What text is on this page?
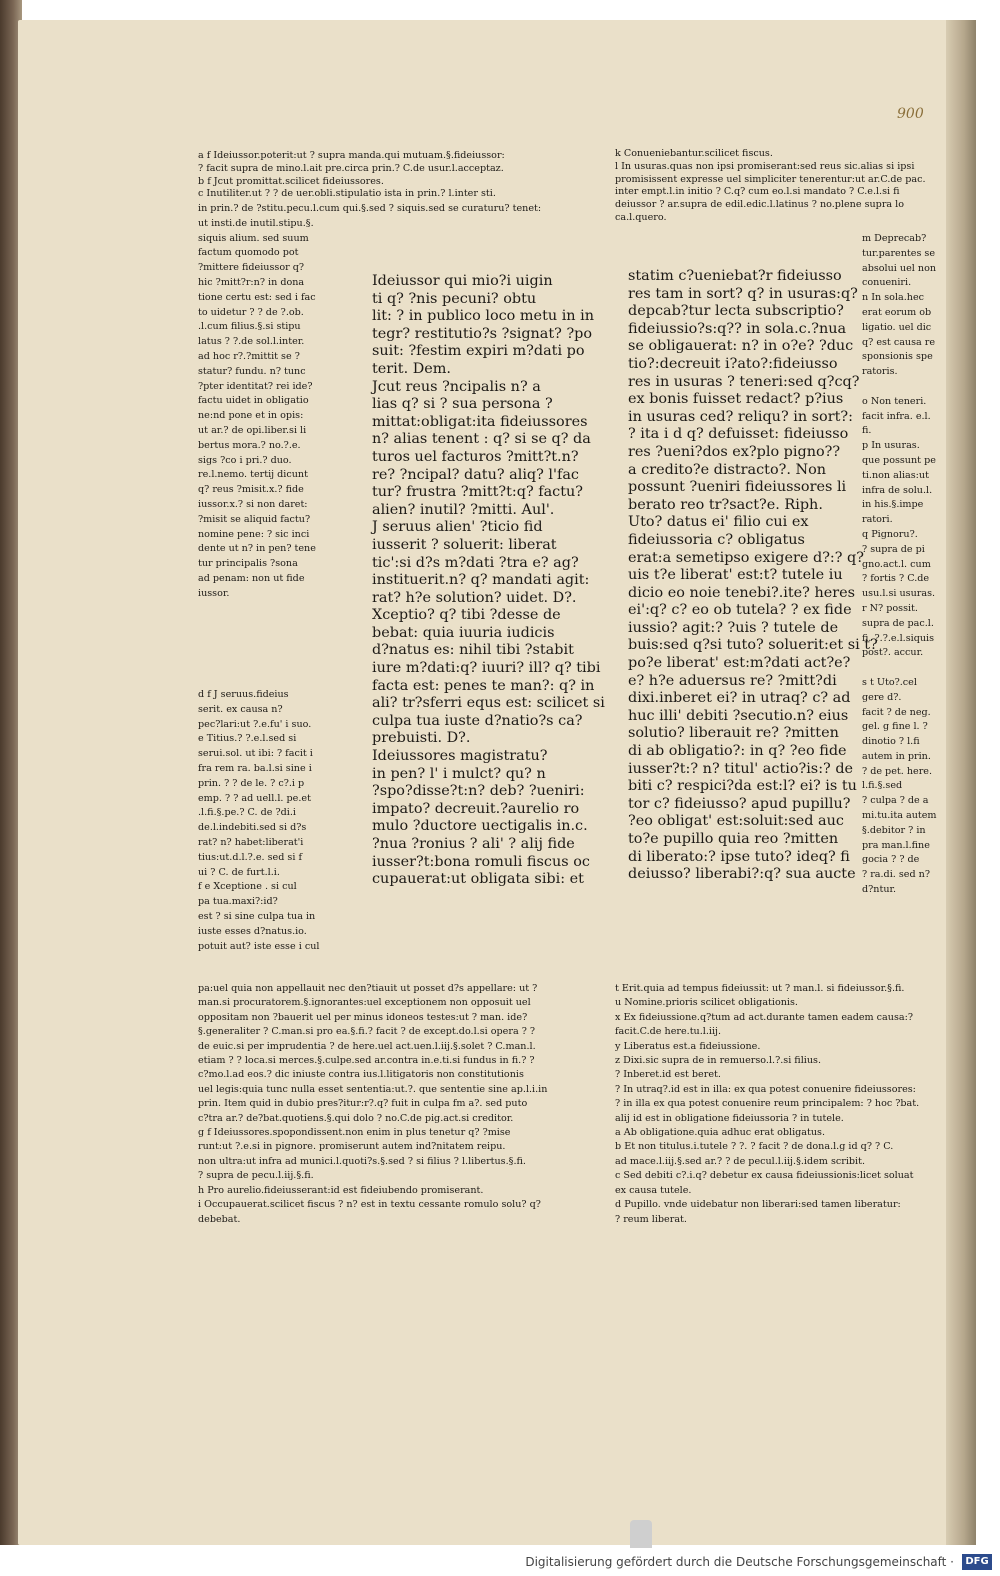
900
a f Ideiussor.poterit:ut ? supra manda.qui mutuam.§.fideiussor:
? facit supra de mino.l.ait pre.circa prin.? C.de usur.l.acceptaz.
b f Jcut promittat.scilicet fideiussores.
c Inutiliter.ut ? ? de uer.obli.stipulatio ista in prin.? l.inter sti.
k Conueniebantur.scilicet fiscus.
l In usuras.quas non ipsi promiserant:sed reus sic.alias si ipsi
promisissent expresse uel simpliciter tenerentur:ut ar.C.de pac.
inter empt.l.in initio ? C.q? cum eo.l.si mandato ? C.e.l.si fi
deiussor ? ar.supra de edil.edic.l.latinus ? no.plene supra lo
ca.l.quero.
in prin.? de ?stitu.pecu.l.cum qui.§.sed ? siquis.sed se curaturu? tenet:
ut insti.de inutil.stipu.§.
siquis alium. sed suum
factum quomodo pot
?mittere fideiussor q?
hic ?mitt?r:n? in dona
tione certu est: sed i fac
to uidetur ? ? de ?.ob.
.l.cum filius.§.si stipu
latus ? ?.de sol.l.inter.
ad hoc r?.?mittit se ?
statur? fundu. n? tunc
?pter identitat? rei ide?
factu uidet in obligatio
ne:nd pone et in opis:
ut ar.? de opi.liber.si li
bertus mora.? no.?.e.
sigs ?co i pri.? duo.
re.l.nemo. tertij dicunt
q? reus ?misit.x.? fide
iussor.x.? si non daret:
?misit se aliquid factu?
nomine pene: ? sic inci
dente ut n? in pen? tene
tur principalis ?sona
ad penam: non ut fide
iussor.
d f J seruus.fideius
serit. ex causa n?
pec?lari:ut ?.e.fu' i suo.
e Titius.? ?.e.l.sed si
serui.sol. ut ibi: ? facit i
fra rem ra. ba.l.si sine i
prin. ? ? de le. ? c?.i p
emp. ? ? ad uell.l. pe.et
.l.fi.§.pe.? C. de ?di.i
de.l.indebiti.sed si d?s
rat? n? habet:liberat'i
tius:ut.d.l.?.e. sed si f
ui ? C. de furt.l.i.
f e Xceptione . si cul
pa tua.maxi?:id?
est ? si sine culpa tua in
iuste esses d?natus.io.
potuit aut? iste esse i cul
Ideiussor qui mio?i uigin
ti q? ?nis pecuni? obtu
lit: ? in publico loco metu in in
tegr? restitutio?s ?signat? ?po
suit: ?festim expiri m?dati po
terit. Dem.
Jcut reus ?ncipalis n? a
lias q? si ? sua persona ?
mittat:obligat:ita fideiussores
n? alias tenent : q? si se q? da
turos uel facturos ?mitt?t.n?
re? ?ncipal? datu? aliq? l'fac
tur? frustra ?mitt?t:q? factu?
alien? inutil? ?mitti. Aul'.
J seruus alien' ?ticio fid
iusserit ? soluerit: liberat
tic':si d?s m?dati ?tra e? ag?
instituerit.n? q? mandati agit:
rat? h?e solution? uidet. D?.
Xceptio? q? tibi ?desse de
bebat: quia iuuria iudicis
d?natus es: nihil tibi ?stabit
iure m?dati:q? iuuri? ill? q? tibi
facta est: penes te man?: q? in
ali? tr?sferri equs est: scilicet si
culpa tua iuste d?natio?s ca?
prebuisti. D?.
Ideiussores magistratu?
in pen? l' i mulct? qu? n
?spo?disse?t:n? deb? ?ueniri:
impato? decreuit.?aurelio ro
mulo ?ductore uectigalis in.c.
?nua ?ronius ? ali' ? alij fide
iusser?t:bona romuli fiscus oc
cupauerat:ut obligata sibi: et
statim c?ueniebat?r fideiusso
res tam in sort? q? in usuras:q?
depcab?tur lecta subscriptio?
fideiussio?s:q?? in sola.c.?nua
se obligauerat: n? in o?e? ?duc
tio?:decreuit i?ato?:fideiusso
res in usuras ? teneri:sed q?cq?
ex bonis fuisset redact? p?ius
in usuras ced? reliqu? in sort?:
? ita i d q? defuisset: fideiusso
res ?ueni?dos ex?plo pigno??
a credito?e distracto?. Non
possunt ?ueniri fideiussores li
berato reo tr?sact?e. Riph.
Uto? datus ei' filio cui ex
fideiussoria c? obligatus
erat:a semetipso exigere d?:? q?
uis t?e liberat' est:t? tutele iu
dicio eo noie tenebi?.ite? heres
ei':q? c? eo ob tutela? ? ex fide
iussio? agit:? ?uis ? tutele de
buis:sed q?si tuto? soluerit:et si t?
po?e liberat' est:m?dati act?e?
e? h?e aduersus re? ?mitt?di
dixi.inberet ei? in utraq? c? ad
huc illi' debiti ?secutio.n? eius
solutio? liberauit re? ?mitten
di ab obligatio?: in q? ?eo fide
iusser?t:? n? titul' actio?is:? de
biti c? respici?da est:l? ei? is tu
tor c? fideiusso? apud pupillu?
?eo obligat' est:soluit:sed auc
to?e pupillo quia reo ?mitten
di liberato:? ipse tuto? ideq? fi
deiusso? liberabi?:q? sua aucte
m Deprecab?
tur.parentes se
absolui uel non
conueniri.
n In sola.hec
erat eorum ob
ligatio. uel dic
q? est causa re
sponsionis spe
ratoris.

o Non teneri.
facit infra. e.l.
fi.
p In usuras.
que possunt pe
ti.non alias:ut
infra de solu.l.
in his.§.impe
ratori.
q Pignoru?.
? supra de pi
gno.act.l. cum
? fortis ? C.de
usu.l.si usuras.
r N? possit.
supra de pac.l.
fi. ?.?.e.l.siquis
post?. accur.

s t Uto?.cel
gere d?.
facit ? de neg.
gel. g fine l. ?
dinotio ? l.fi
autem in prin.
? de pet. here.
l.fi.§.sed
? culpa ? de a
mi.tu.ita autem
§.debitor ? in
pra man.l.fine
gocia ? ? de
? ra.di. sed n?
d?ntur.
pa:uel quia non appellauit nec den?tiauit ut posset d?s appellare: ut ?
man.si procuratorem.§.ignorantes:uel exceptionem non opposuit uel
oppositam non ?bauerit uel per minus idoneos testes:ut ? man. ide?
§.generaliter ? C.man.si pro ea.§.fi.? facit ? de except.do.l.si opera ? ?
de euic.si per imprudentia ? de here.uel act.uen.l.iij.§.solet ? C.man.l.
etiam ? ? loca.si merces.§.culpe.sed ar.contra in.e.ti.si fundus in fi.? ?
c?mo.l.ad eos.? dic iniuste contra ius.l.litigatoris non constitutionis
uel legis:quia tunc nulla esset sententia:ut.?. que sententie sine ap.l.i.in
prin. Item quid in dubio pres?itur:r?.q? fuit in culpa fm a?. sed puto
c?tra ar.? de?bat.quotiens.§.qui dolo ? no.C.de pig.act.si creditor.
g f Ideiussores.spopondissent.non enim in plus tenetur q? ?mise
runt:ut ?.e.si in pignore. promiserunt autem ind?nitatem reipu.
non ultra:ut infra ad munici.l.quoti?s.§.sed ? si filius ? l.libertus.§.fi.
? supra de pecu.l.iij.§.fi.
h Pro aurelio.fideiusserant:id est fideiubendo promiserant.
i Occupauerat.scilicet fiscus ? n? est in textu cessante romulo solu? q?
debebat.
t Erit.quia ad tempus fideiussit: ut ? man.l. si fideiussor.§.fi.
u Nomine.prioris scilicet obligationis.
x Ex fideiussione.q?tum ad act.durante tamen eadem causa:?
facit.C.de here.tu.l.iij.
y Liberatus est.a fideiussione.
z Dixi.sic supra de in remuerso.l.?.si filius.
? Inberet.id est beret.
? In utraq?.id est in illa: ex qua potest conuenire fideiussores:
? in illa ex qua potest conuenire reum principalem: ? hoc ?bat.
alij id est in obligatione fideiussoria ? in tutele.
a Ab obligatione.quia adhuc erat obligatus.
b Et non titulus.i.tutele ? ?. ? facit ? de dona.l.g id q? ? C.
ad mace.l.iij.§.sed ar.? ? de pecul.l.iij.§.idem scribit.
c Sed debiti c?.i.q? debetur ex causa fideiussionis:licet soluat
ex causa tutele.
d Pupillo. vnde uidebatur non liberari:sed tamen liberatur:
? reum liberat.
Digitalisierung gefördert durch die Deutsche Forschungsgemeinschaft ·	DFG
